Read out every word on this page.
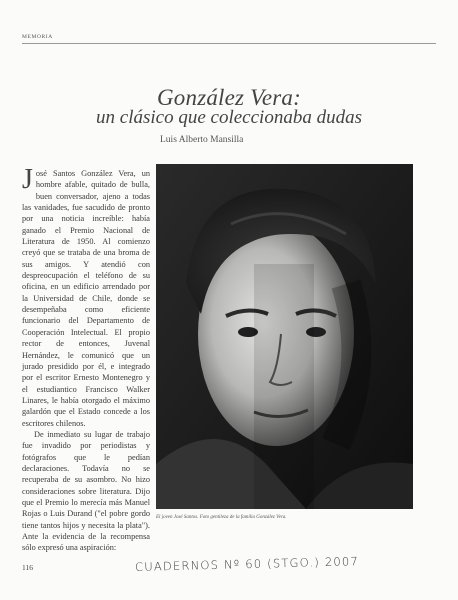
MEMORIA
González Vera:
un clásico que coleccionaba dudas
Luis Alberto Mansilla

José Santos González Vera, un hombre afable, quitado de bulla, buen conversador, ajeno a todas las vanidades, fue sacudido de pronto por una noticia increíble: había ganado el Premio Nacional de Literatura de 1950. Al comienzo creyó que se trataba de una broma de sus amigos. Y atendió con despreocupación el teléfono de su oficina, en un edificio arrendado por la Universidad de Chile, donde se desempeñaba como eficiente funcionario del Departamento de Cooperación Intelectual. El propio rector de entonces, Juvenal Hernández, le comunicó que un jurado presidido por él, e integrado por el escritor Ernesto Montenegro y el estudiantico Francisco Walker Linares, le había otorgado el máximo galardón que el Estado concede a los escritores chilenos.

De inmediato su lugar de trabajo fue invadido por periodistas y fotógrafos que le pedían declaraciones. Todavía no se recuperaba de su asombro. No hizo consideraciones sobre literatura. Dijo que el Premio lo merecía más Manuel Rojas o Luis Durand ("el pobre gordo tiene tantos hijos y necesita la plata"). Ante la evidencia de la recompensa sólo expresó una aspiración:

El joven José Santos. Foto gentileza de la familia González Vera.
116	CUADERNOS Nº 60 (STGO.) 2007
